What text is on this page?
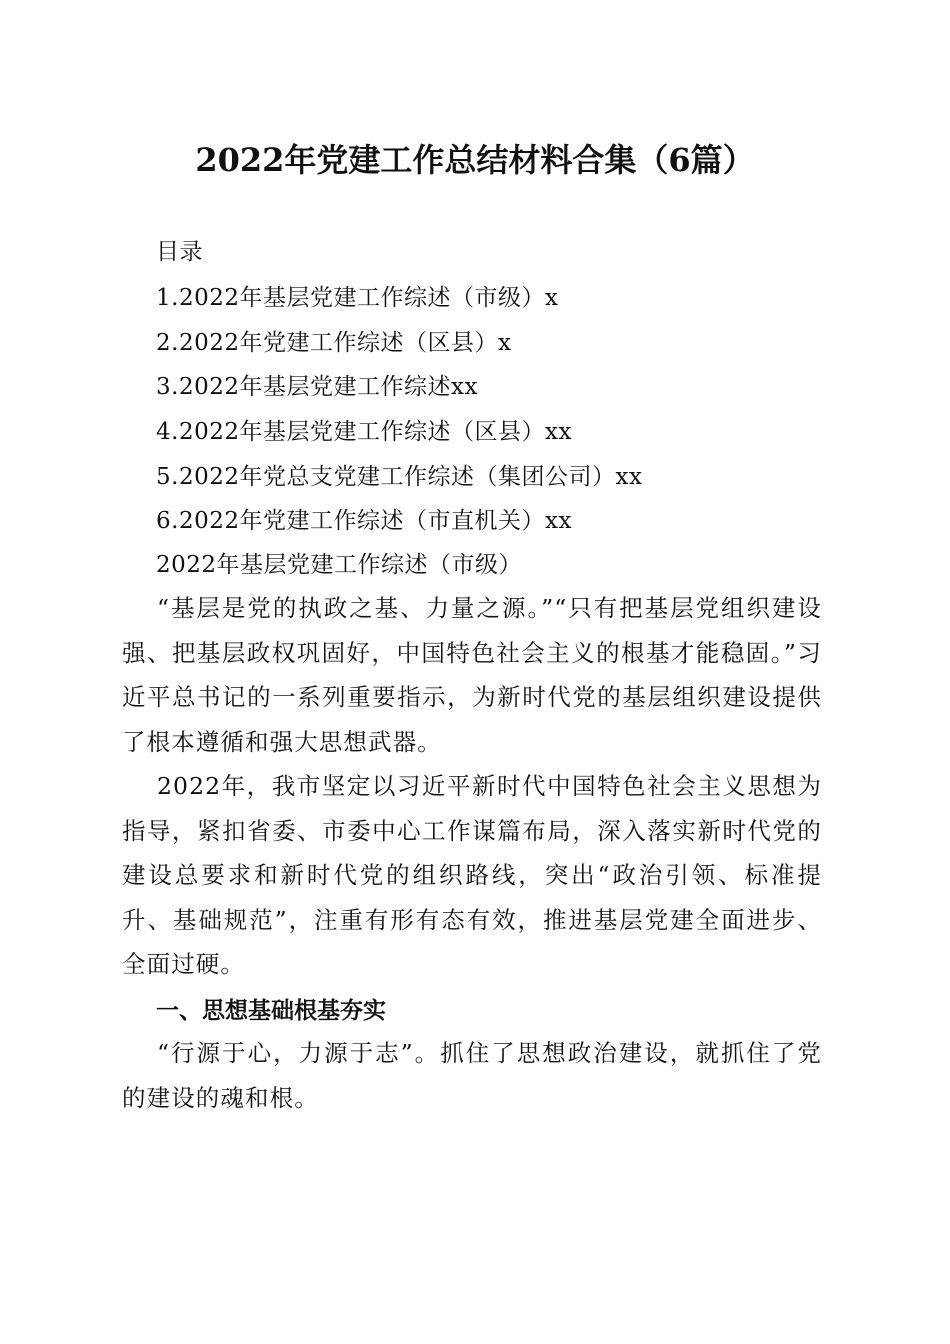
2022年党建工作总结材料合集（6篇）
目录
1.2022年基层党建工作综述（市级）x
2.2022年党建工作综述（区县）x
3.2022年基层党建工作综述xx
4.2022年基层党建工作综述（区县）xx
5.2022年党总支党建工作综述（集团公司）xx
6.2022年党建工作综述（市直机关）xx
2022年基层党建工作综述（市级）
“基层是党的执政之基、力量之源。”“只有把基层党组织建设强、把基层政权巩固好，中国特色社会主义的根基才能稳固。”习近平总书记的一系列重要指示，为新时代党的基层组织建设提供了根本遵循和强大思想武器。
2022年，我市坚定以习近平新时代中国特色社会主义思想为指导，紧扣省委、市委中心工作谋篇布局，深入落实新时代党的建设总要求和新时代党的组织路线，突出“政治引领、标准提升、基础规范”，注重有形有态有效，推进基层党建全面进步、全面过硬。
一、思想基础根基夯实
“行源于心，力源于志”。抓住了思想政治建设，就抓住了党的建设的魂和根。
